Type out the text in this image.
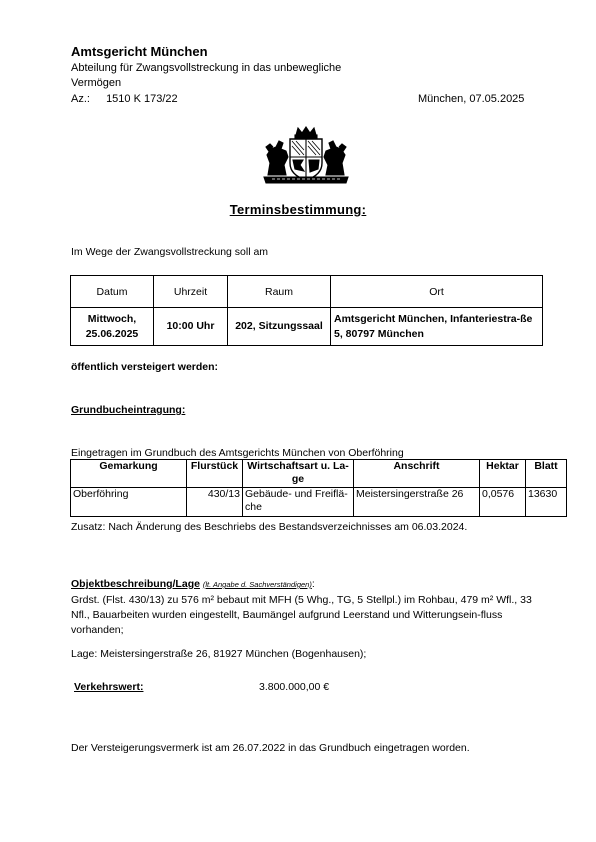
Amtsgericht München
Abteilung für Zwangsvollstreckung in das unbewegliche Vermögen
Az.: 1510 K 173/22	München, 07.05.2025
Terminsbestimmung:
Im Wege der Zwangsvollstreckung soll am
Datum	Uhrzeit	Raum	Ort

Mittwoch,
25.06.2025	10:00 Uhr	202, Sitzungssaal	Amtsgericht München, Infanteriestra-ße 5, 80797 München
öffentlich versteigert werden:
Grundbucheintragung:
Eingetragen im Grundbuch des Amtsgerichts München von Oberföhring
Gemarkung	Flurstück	Wirtschaftsart u. La-ge	Anschrift	Hektar	Blatt
Oberföhring	430/13	Gebäude- und Freiflä-che	Meistersingerstraße 26	0,0576	13630
Zusatz: Nach Änderung des Beschriebs des Bestandsverzeichnisses am 06.03.2024.
Objektbeschreibung/Lage (lt. Angabe d. Sachverständigen):
Grdst. (Flst. 430/13) zu 576 m² bebaut mit MFH (5 Whg., TG, 5 Stellpl.) im Rohbau, 479 m² Wfl., 33 Nfl., Bauarbeiten wurden eingestellt, Baumängel aufgrund Leerstand und Witterungsein-fluss vorhanden;
Lage: Meistersingerstraße 26, 81927 München (Bogenhausen);
Verkehrswert:	3.800.000,00 €
Der Versteigerungsvermerk ist am 26.07.2022 in das Grundbuch eingetragen worden.
